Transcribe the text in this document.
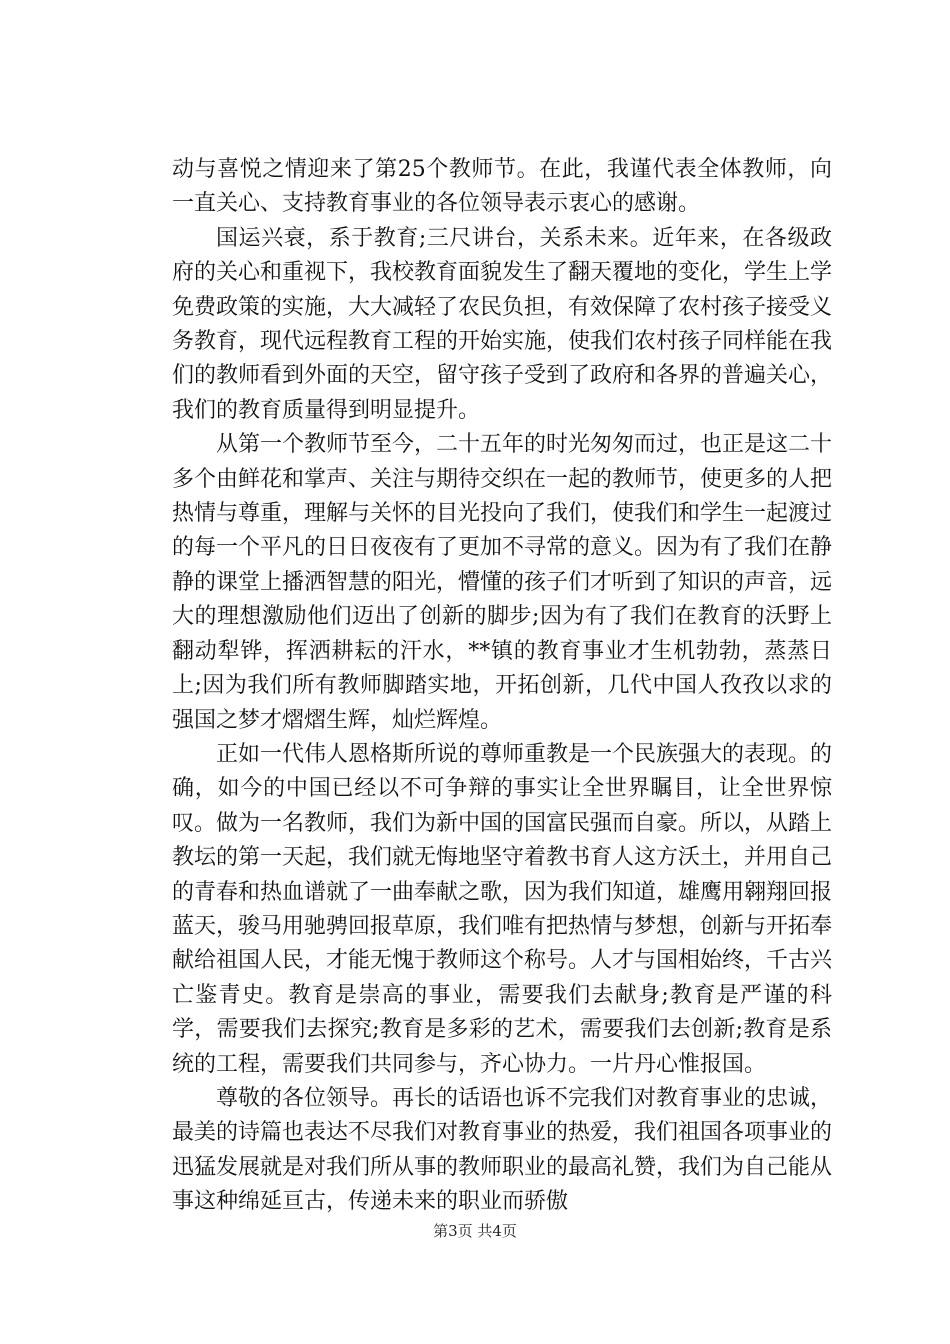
动与喜悦之情迎来了第25个教师节。在此，我谨代表全体教师，向一直关心、支持教育事业的各位领导表示衷心的感谢。

国运兴衰，系于教育;三尺讲台，关系未来。近年来，在各级政府的关心和重视下，我校教育面貌发生了翻天覆地的变化，学生上学免费政策的实施，大大减轻了农民负担，有效保障了农村孩子接受义务教育，现代远程教育工程的开始实施，使我们农村孩子同样能在我们的教师看到外面的天空，留守孩子受到了政府和各界的普遍关心，我们的教育质量得到明显提升。

从第一个教师节至今，二十五年的时光匆匆而过，也正是这二十多个由鲜花和掌声、关注与期待交织在一起的教师节，使更多的人把热情与尊重，理解与关怀的目光投向了我们，使我们和学生一起渡过的每一个平凡的日日夜夜有了更加不寻常的意义。因为有了我们在静静的课堂上播洒智慧的阳光，懵懂的孩子们才听到了知识的声音，远大的理想激励他们迈出了创新的脚步;因为有了我们在教育的沃野上翻动犁铧，挥洒耕耘的汗水，**镇的教育事业才生机勃勃，蒸蒸日上;因为我们所有教师脚踏实地，开拓创新，几代中国人孜孜以求的强国之梦才熠熠生辉，灿烂辉煌。

正如一代伟人恩格斯所说的尊师重教是一个民族强大的表现。的确，如今的中国已经以不可争辩的事实让全世界瞩目，让全世界惊叹。做为一名教师，我们为新中国的国富民强而自豪。所以，从踏上教坛的第一天起，我们就无悔地坚守着教书育人这方沃土，并用自己的青春和热血谱就了一曲奉献之歌，因为我们知道，雄鹰用翱翔回报蓝天，骏马用驰骋回报草原，我们唯有把热情与梦想，创新与开拓奉献给祖国人民，才能无愧于教师这个称号。人才与国相始终，千古兴亡鉴青史。教育是崇高的事业，需要我们去献身;教育是严谨的科学，需要我们去探究;教育是多彩的艺术，需要我们去创新;教育是系统的工程，需要我们共同参与，齐心协力。一片丹心惟报国。

尊敬的各位领导。再长的话语也诉不完我们对教育事业的忠诚，最美的诗篇也表达不尽我们对教育事业的热爱，我们祖国各项事业的迅猛发展就是对我们所从事的教师职业的最高礼赞，我们为自己能从事这种绵延亘古，传递未来的职业而骄傲

第3页 共4页
